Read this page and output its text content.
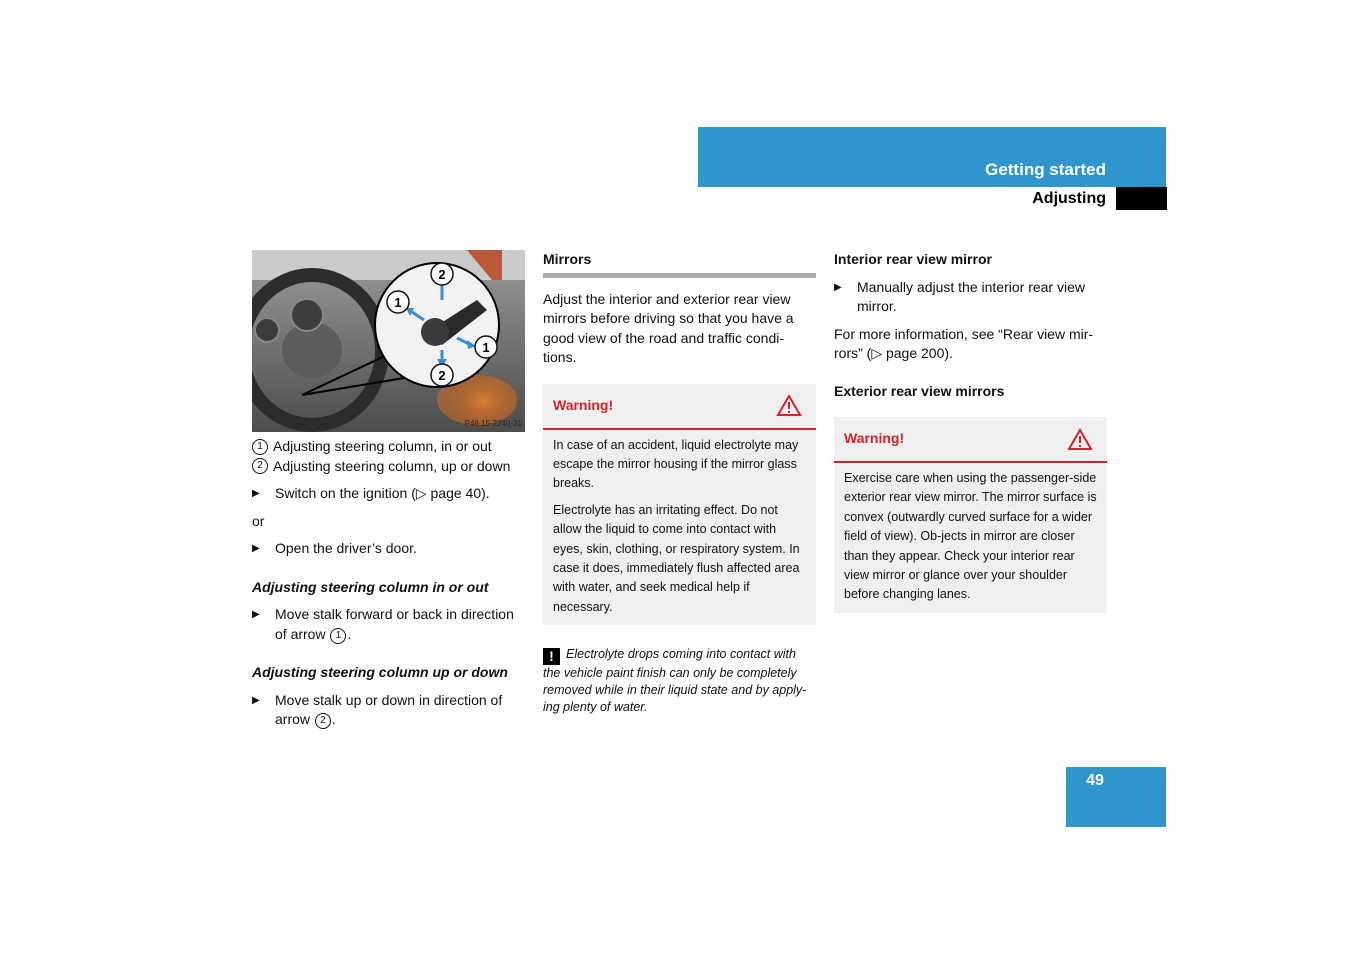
Getting started
Adjusting
2
1
1
2
P46.15-2240-31
1 Adjusting steering column, in or out
2 Adjusting steering column, up or down
▶	Switch on the ignition (▷ page 40).

or

▶	Open the driver’s door.
Adjusting steering column in or out
▶	Move stalk forward or back in direction of arrow 1 .
Adjusting steering column up or down
▶	Move stalk up or down in direction of arrow 2 .
Mirrors

Adjust the interior and exterior rear view mirrors before driving so that you have a good view of the road and traffic condi-tions.

Warning!

In case of an accident, liquid electrolyte may escape the mirror housing if the mirror glass breaks.

Electrolyte has an irritating effect. Do not allow the liquid to come into contact with eyes, skin, clothing, or respiratory system. In case it does, immediately flush affected area with water, and seek medical help if necessary.

! Electrolyte drops coming into contact with the vehicle paint finish can only be completely removed while in their liquid state and by apply-ing plenty of water.
Interior rear view mirror
▶	Manually adjust the interior rear view mirror.

For more information, see “Rear view mir-rors” (▷ page 200).

Exterior rear view mirrors
Warning!

Exercise care when using the passenger-side exterior rear view mirror. The mirror surface is convex (outwardly curved surface for a wider field of view). Ob-jects in mirror are closer than they appear. Check your interior rear view mirror or glance over your shoulder before changing lanes.

49
